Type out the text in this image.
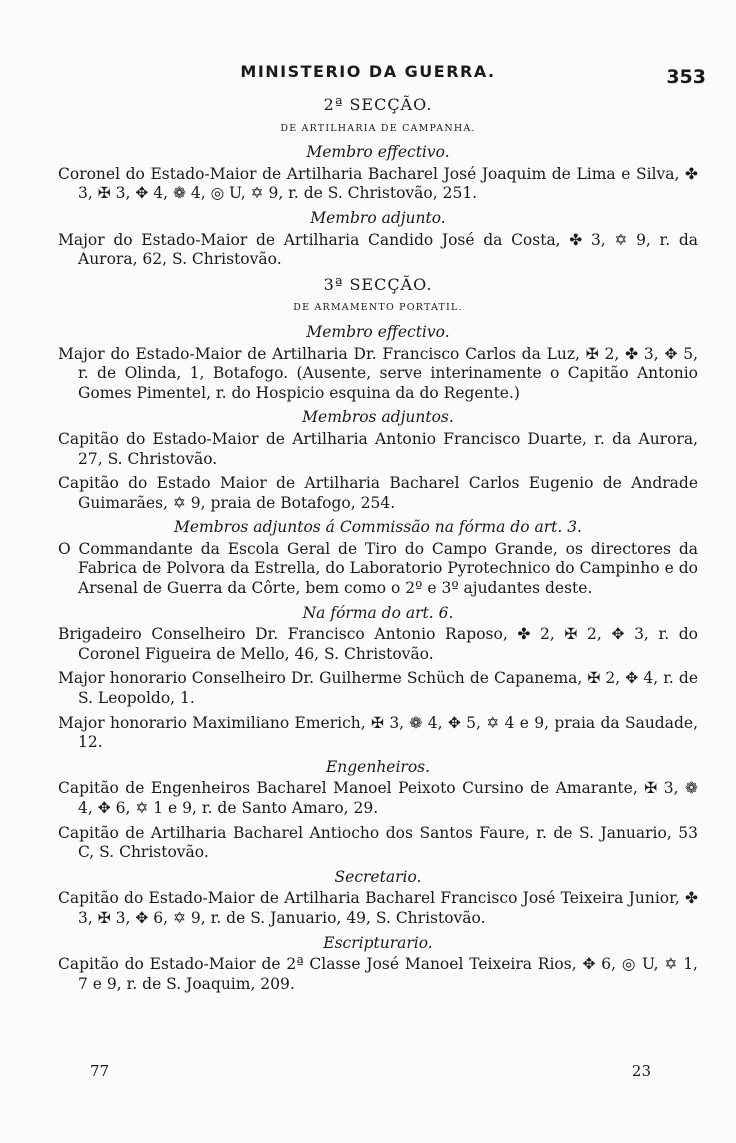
MINISTERIO DA GUERRA.	353
2ª SECÇÃO.
DE ARTILHARIA DE CAMPANHA.
Membro effectivo.
Coronel do Estado-Maior de Artilharia Bacharel José Joaquim de Lima e Silva, ✤ 3, ✠ 3, ✥ 4, ❁ 4, ◎ U, ✡ 9, r. de S. Christovão, 251.
Membro adjunto.
Major do Estado-Maior de Artilharia Candido José da Costa, ✤ 3, ✡ 9, r. da Aurora, 62, S. Christovão.
3ª SECÇÃO.
DE ARMAMENTO PORTATIL.
Membro effectivo.
Major do Estado-Maior de Artilharia Dr. Francisco Carlos da Luz, ✠ 2, ✤ 3, ✥ 5, r. de Olinda, 1, Botafogo. (Ausente, serve interinamente o Capitão Antonio Gomes Pimentel, r. do Hospicio esquina da do Regente.)
Membros adjuntos.
Capitão do Estado-Maior de Artilharia Antonio Francisco Duarte, r. da Aurora, 27, S. Christovão.
Capitão do Estado Maior de Artilharia Bacharel Carlos Eugenio de Andrade Guimarães, ✡ 9, praia de Botafogo, 254.
Membros adjuntos á Commissão na fórma do art. 3.
O Commandante da Escola Geral de Tiro do Campo Grande, os directores da Fabrica de Polvora da Estrella, do Laboratorio Pyrotechnico do Campinho e do Arsenal de Guerra da Côrte, bem como o 2º e 3º ajudantes deste.
Na fórma do art. 6.
Brigadeiro Conselheiro Dr. Francisco Antonio Raposo, ✤ 2, ✠ 2, ✥ 3, r. do Coronel Figueira de Mello, 46, S. Christovão.
Major honorario Conselheiro Dr. Guilherme Schüch de Capanema, ✠ 2, ✥ 4, r. de S. Leopoldo, 1.
Major honorario Maximiliano Emerich, ✠ 3, ❁ 4, ✥ 5, ✡ 4 e 9, praia da Saudade, 12.
Engenheiros.
Capitão de Engenheiros Bacharel Manoel Peixoto Cursino de Amarante, ✠ 3, ❁ 4, ✥ 6, ✡ 1 e 9, r. de Santo Amaro, 29.
Capitão de Artilharia Bacharel Antiocho dos Santos Faure, r. de S. Januario, 53 C, S. Christovão.
Secretario.
Capitão do Estado-Maior de Artilharia Bacharel Francisco José Teixeira Junior, ✤ 3, ✠ 3, ✥ 6, ✡ 9, r. de S. Januario, 49, S. Christovão.
Escripturario.
Capitão do Estado-Maior de 2ª Classe José Manoel Teixeira Rios, ✥ 6, ◎ U, ✡ 1, 7 e 9, r. de S. Joaquim, 209.
77	23
